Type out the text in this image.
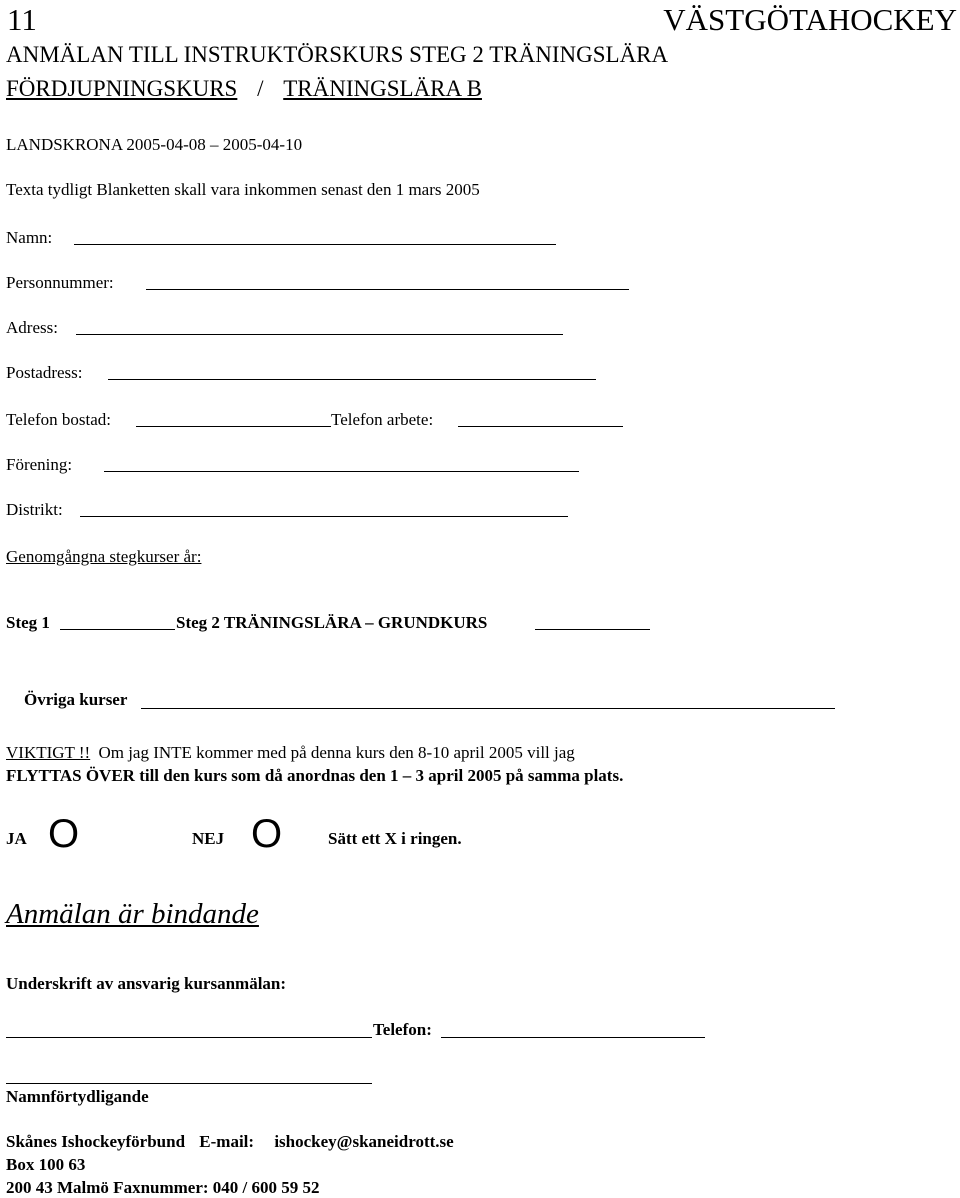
11	VÄSTGÖTAHOCKEY
ANMÄLAN TILL INSTRUKTÖRSKURS STEG 2 TRÄNINGSLÄRA
FÖRDJUPNINGSKURS / TRÄNINGSLÄRA B
LANDSKRONA 2005-04-08 – 2005-04-10
Texta tydligt Blanketten skall vara inkommen senast den 1 mars 2005
Namn:
Personnummer:
Adress:
Postadress:
Telefon bostad:	Telefon arbete:
Förening:
Distrikt:
Genomgångna stegkurser år:
Steg 1	Steg 2 TRÄNINGSLÄRA – GRUNDKURS
Övriga kurser
VIKTIGT !! Om jag INTE kommer med på denna kurs den 8-10 april 2005 vill jag
FLYTTAS ÖVER till den kurs som då anordnas den 1 – 3 april 2005 på samma plats.
JA O	NEJ O	Sätt ett X i ringen.
Anmälan är bindande
Underskrift av ansvarig kursanmälan:
Telefon:
Namnförtydligande
Skånes Ishockeyförbund E-mail: ishockey@skaneidrott.se
Box 100 63
200 43 Malmö Faxnummer: 040 / 600 59 52
